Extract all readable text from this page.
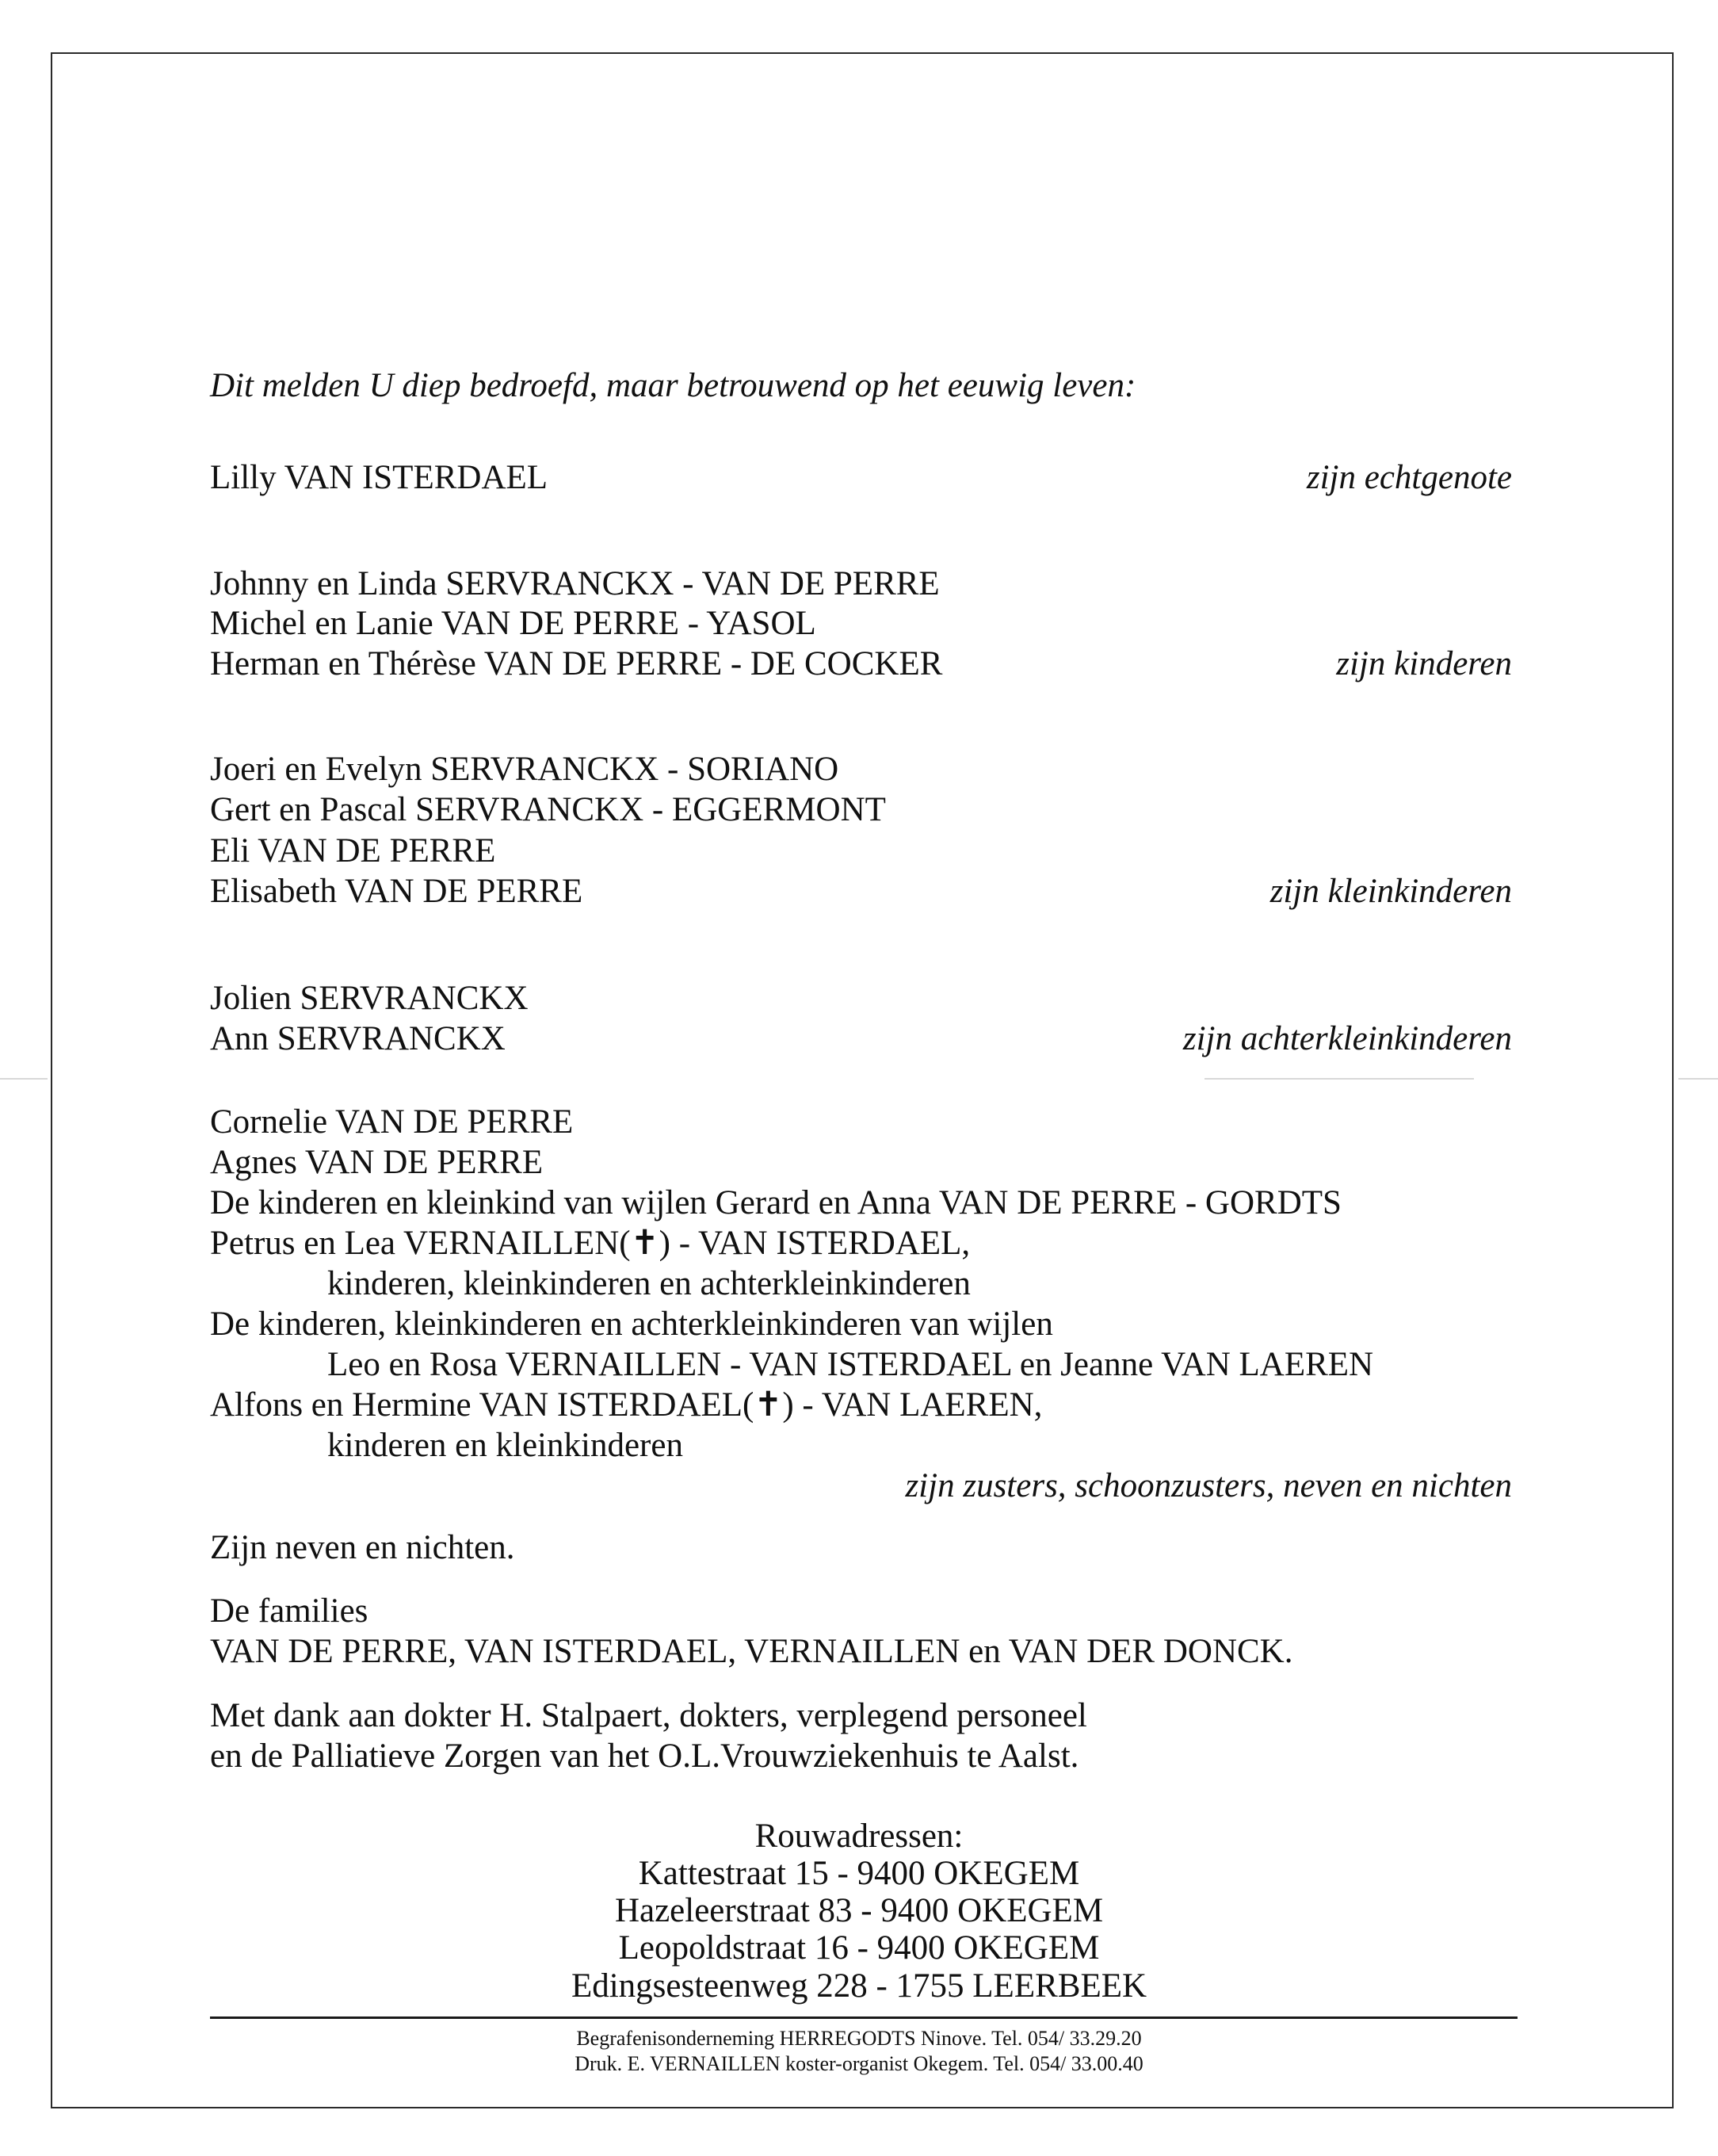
Dit melden U diep bedroefd, maar betrouwend op het eeuwig leven:
Lilly VAN ISTERDAEL	zijn echtgenote
Johnny en Linda SERVRANCKX - VAN DE PERRE
Michel en Lanie VAN DE PERRE - YASOL
Herman en Thérèse VAN DE PERRE - DE COCKER	zijn kinderen
Joeri en Evelyn SERVRANCKX - SORIANO
Gert en Pascal SERVRANCKX - EGGERMONT
Eli VAN DE PERRE
Elisabeth VAN DE PERRE	zijn kleinkinderen
Jolien SERVRANCKX
Ann SERVRANCKX	zijn achterkleinkinderen
Cornelie VAN DE PERRE
Agnes VAN DE PERRE
De kinderen en kleinkind van wijlen Gerard en Anna VAN DE PERRE - GORDTS
Petrus en Lea VERNAILLEN(✝) - VAN ISTERDAEL,
kinderen, kleinkinderen en achterkleinkinderen
De kinderen, kleinkinderen en achterkleinkinderen van wijlen
Leo en Rosa VERNAILLEN - VAN ISTERDAEL en Jeanne VAN LAEREN
Alfons en Hermine VAN ISTERDAEL(✝) - VAN LAEREN,
kinderen en kleinkinderen
zijn zusters, schoonzusters, neven en nichten
Zijn neven en nichten.
De families
VAN DE PERRE, VAN ISTERDAEL, VERNAILLEN en VAN DER DONCK.
Met dank aan dokter H. Stalpaert, dokters, verplegend personeel
en de Palliatieve Zorgen van het O.L.Vrouwziekenhuis te Aalst.
Rouwadressen:
Kattestraat 15 - 9400 OKEGEM
Hazeleerstraat 83 - 9400 OKEGEM
Leopoldstraat 16 - 9400 OKEGEM
Edingsesteenweg 228 - 1755 LEERBEEK
Begrafenisonderneming HERREGODTS Ninove. Tel. 054/ 33.29.20
Druk. E. VERNAILLEN koster-organist Okegem. Tel. 054/ 33.00.40
